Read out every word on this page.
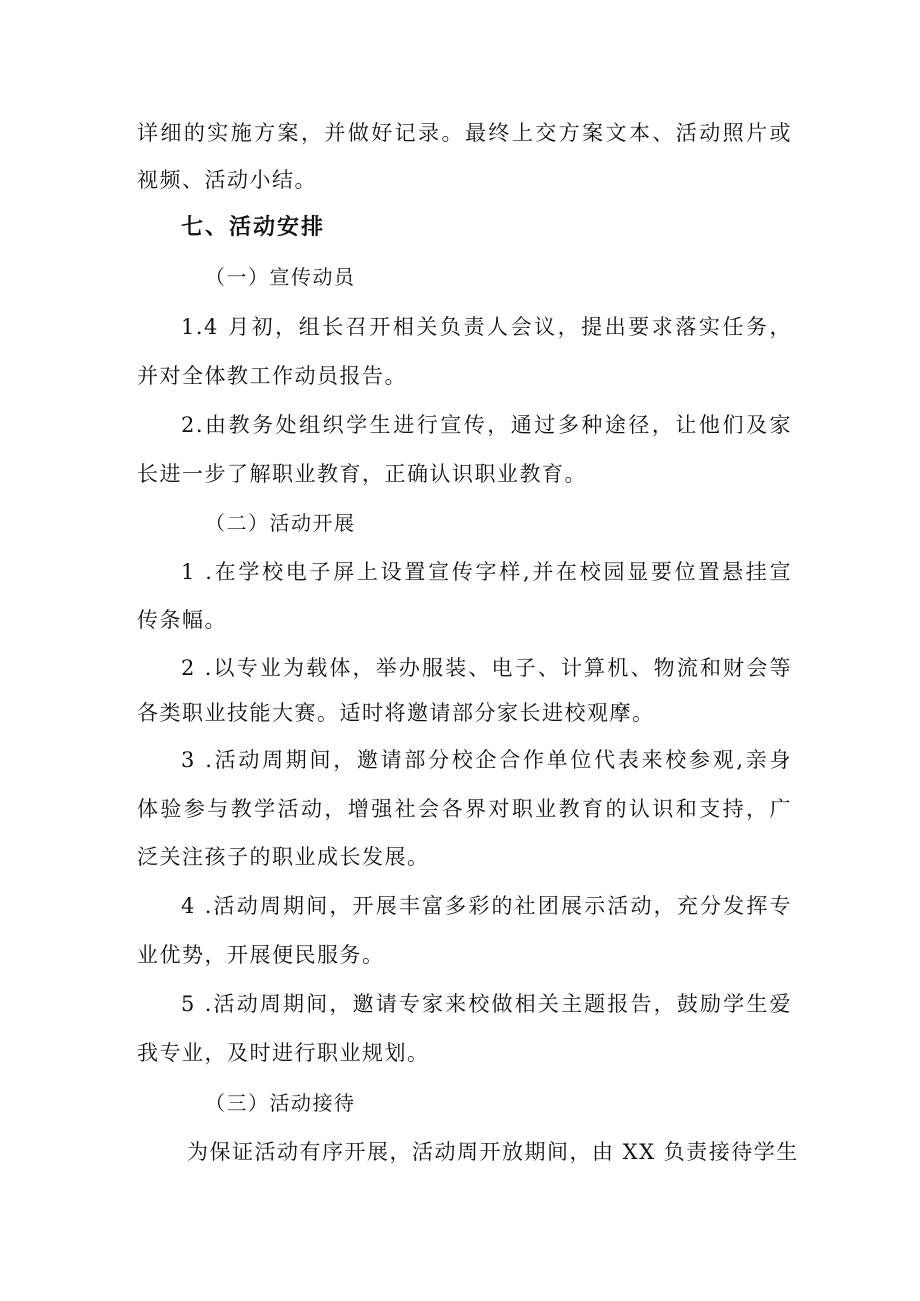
详细的实施方案，并做好记录。最终上交方案文本、活动照片或
视频、活动小结。
七、活动安排
（一）宣传动员
1.4 月初，组长召开相关负责人会议，提出要求落实任务，
并对全体教工作动员报告。
2.由教务处组织学生进行宣传，通过多种途径，让他们及家
长进一步了解职业教育，正确认识职业教育。
（二）活动开展
1 .在学校电子屏上设置宣传字样,并在校园显要位置悬挂宣
传条幅。
2 .以专业为载体，举办服装、电子、计算机、物流和财会等
各类职业技能大赛。适时将邀请部分家长进校观摩。
3 .活动周期间，邀请部分校企合作单位代表来校参观,亲身
体验参与教学活动，增强社会各界对职业教育的认识和支持，广
泛关注孩子的职业成长发展。
4 .活动周期间，开展丰富多彩的社团展示活动，充分发挥专
业优势，开展便民服务。
5 .活动周期间，邀请专家来校做相关主题报告，鼓励学生爱
我专业，及时进行职业规划。
（三）活动接待
为保证活动有序开展，活动周开放期间，由 XX 负责接待学生
